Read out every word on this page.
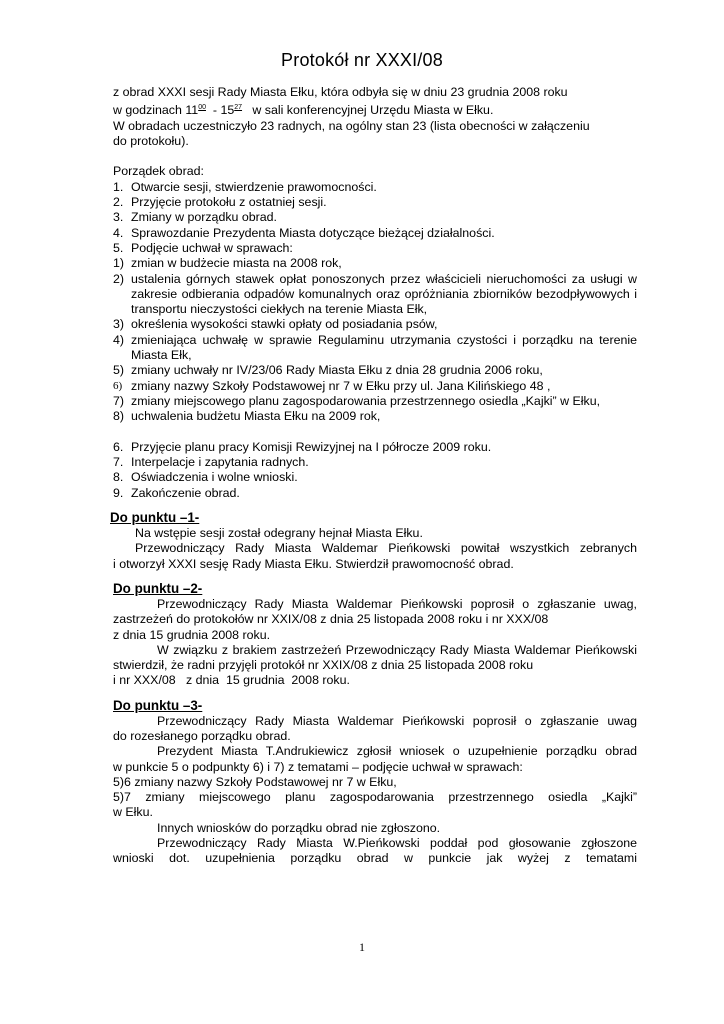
Protokół nr XXXI/08

z obrad XXXI sesji Rady Miasta Ełku, która odbyła się w dniu 23 grudnia 2008 roku

w godzinach $11^{00} - 15^{27}$   w sali konferencyjnej Urzędu Miasta w Ełku.

W obradach uczestniczyło 23 radnych, na ogólny stan 23 (lista obecności w załączeniu

do protokołu).

Porządek obrad:

1. Otwarcie sesji, stwierdzenie prawomocności.
2. Przyjęcie protokołu z ostatniej sesji.
3. Zmiany w porządku obrad.
4. Sprawozdanie Prezydenta Miasta dotyczące bieżącej działalności.
5. Podjęcie uchwał w sprawach:
1) zmian w budżecie miasta na 2008 rok,
2) ustalenia górnych stawek opłat ponoszonych przez właścicieli nieruchomości za usługi w zakresie odbierania odpadów komunalnych oraz opróżniania zbiorników bezodpływowych i transportu nieczystości ciekłych na terenie Miasta Ełk,
3) określenia wysokości stawki opłaty od posiadania psów,
4) zmieniająca uchwałę w sprawie Regulaminu utrzymania czystości i porządku na terenie Miasta Ełk,
5) zmiany uchwały nr IV/23/06 Rady Miasta Ełku z dnia 28 grudnia 2006 roku,
6) zmiany nazwy Szkoły Podstawowej nr 7 w Ełku przy ul. Jana Kilińskiego 48 ,
7) zmiany miejscowego planu zagospodarowania przestrzennego osiedla „Kajki” w Ełku,
8) uchwalenia budżetu Miasta Ełku na 2009 rok,
6. Przyjęcie planu pracy Komisji Rewizyjnej na I półrocze 2009 roku.
7. Interpelacje i zapytania radnych.
8. Oświadczenia i wolne wnioski.
9. Zakończenie obrad.

Do punktu –1-

Na wstępie sesji został odegrany hejnał Miasta Ełku.

Przewodniczący Rady Miasta Waldemar Pieńkowski powitał wszystkich zebranych

i otworzył XXXI sesję Rady Miasta Ełku. Stwierdził prawomocność obrad.

Do punktu –2-

Przewodniczący Rady Miasta Waldemar Pieńkowski poprosił o zgłaszanie uwag, zastrzeżeń do protokołów nr XXIX/08 z dnia 25 listopada 2008 roku i nr XXX/08

z dnia 15 grudnia 2008 roku.

W związku z brakiem zastrzeżeń Przewodniczący Rady Miasta Waldemar Pieńkowski stwierdził, że radni przyjęli protokół nr XXIX/08 z dnia 25 listopada 2008 roku

i nr XXX/08   z dnia  15 grudnia  2008 roku.

Do punktu –3-

Przewodniczący Rady Miasta Waldemar Pieńkowski poprosił o zgłaszanie uwag

do rozesłanego porządku obrad.

Prezydent Miasta T.Andrukiewicz zgłosił wniosek o uzupełnienie porządku obrad

w punkcie 5 o podpunkty 6) i 7) z tematami – podjęcie uchwał w sprawach:

5)6 zmiany nazwy Szkoły Podstawowej nr 7 w Ełku,

5)7 zmiany miejscowego planu zagospodarowania przestrzennego osiedla „Kajki”

w Ełku.

Innych wniosków do porządku obrad nie zgłoszono.

Przewodniczący Rady Miasta W.Pieńkowski poddał pod głosowanie zgłoszone

wnioski dot. uzupełnienia porządku obrad w punkcie jak wyżej z tematami

1
